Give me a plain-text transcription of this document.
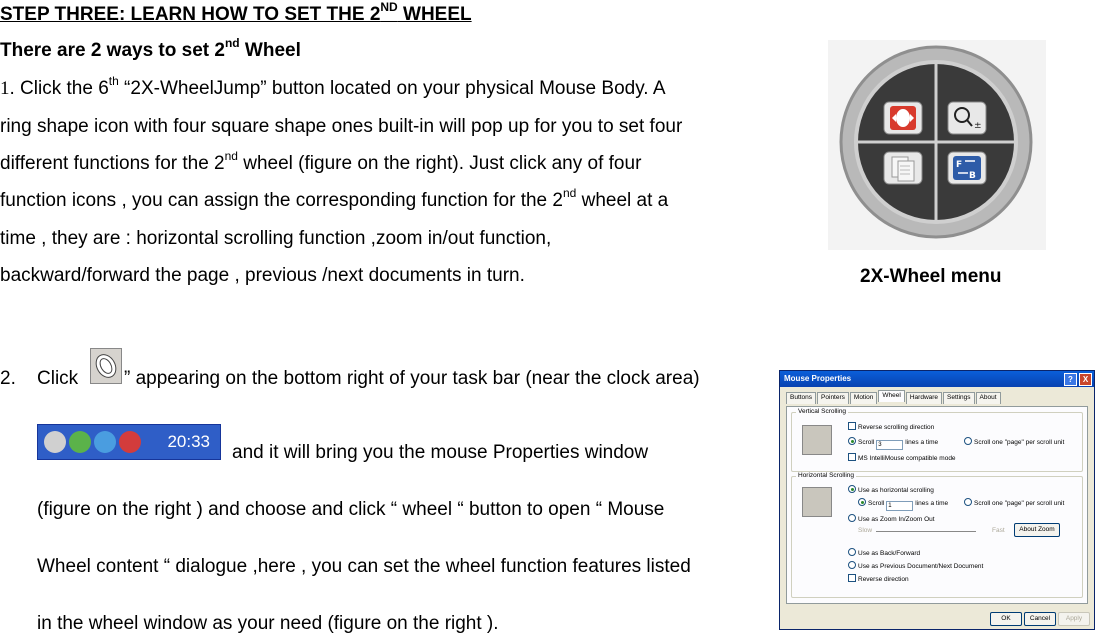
STEP THREE: LEARN HOW TO SET THE 2ND WHEEL
There are 2 ways to set 2nd Wheel
1. Click the 6th “2X-WheelJump” button located on your physical Mouse Body. A
ring shape icon with four square shape ones built-in will pop up for you to set four
different functions for the 2nd wheel (figure on the right). Just click any of four
function icons , you can assign the corresponding function for the 2nd wheel at a
time , they are : horizontal scrolling function ,zoom in/out function,
backward/forward the page , previous /next documents in turn.
±
F
B
2X-Wheel menu
2. Click ” appearing on the bottom right of your task bar (near the clock area)
20:33
and it will bring you the mouse Properties window
(figure on the right ) and choose and click “ wheel “ button to open “ Mouse
Wheel content “ dialogue ,here , you can set the wheel function features listed
in the wheel window as your need (figure on the right ).
Mouse Properties	?	X
Buttons	Pointers	Motion	Wheel	Hardware	Settings	About
Vertical Scrolling
Reverse scrolling direction
Scroll 3	lines a time	Scroll one "page" per scroll unit
MS IntelliMouse compatible mode
Horizontal Scrolling
Use as horizontal scrolling
Scroll 1	lines a time	Scroll one "page" per scroll unit
Use as Zoom In/Zoom Out
Slow	Fast	About Zoom
Use as Back/Forward
Use as Previous Document/Next Document
Reverse direction
OK	Cancel	Apply
